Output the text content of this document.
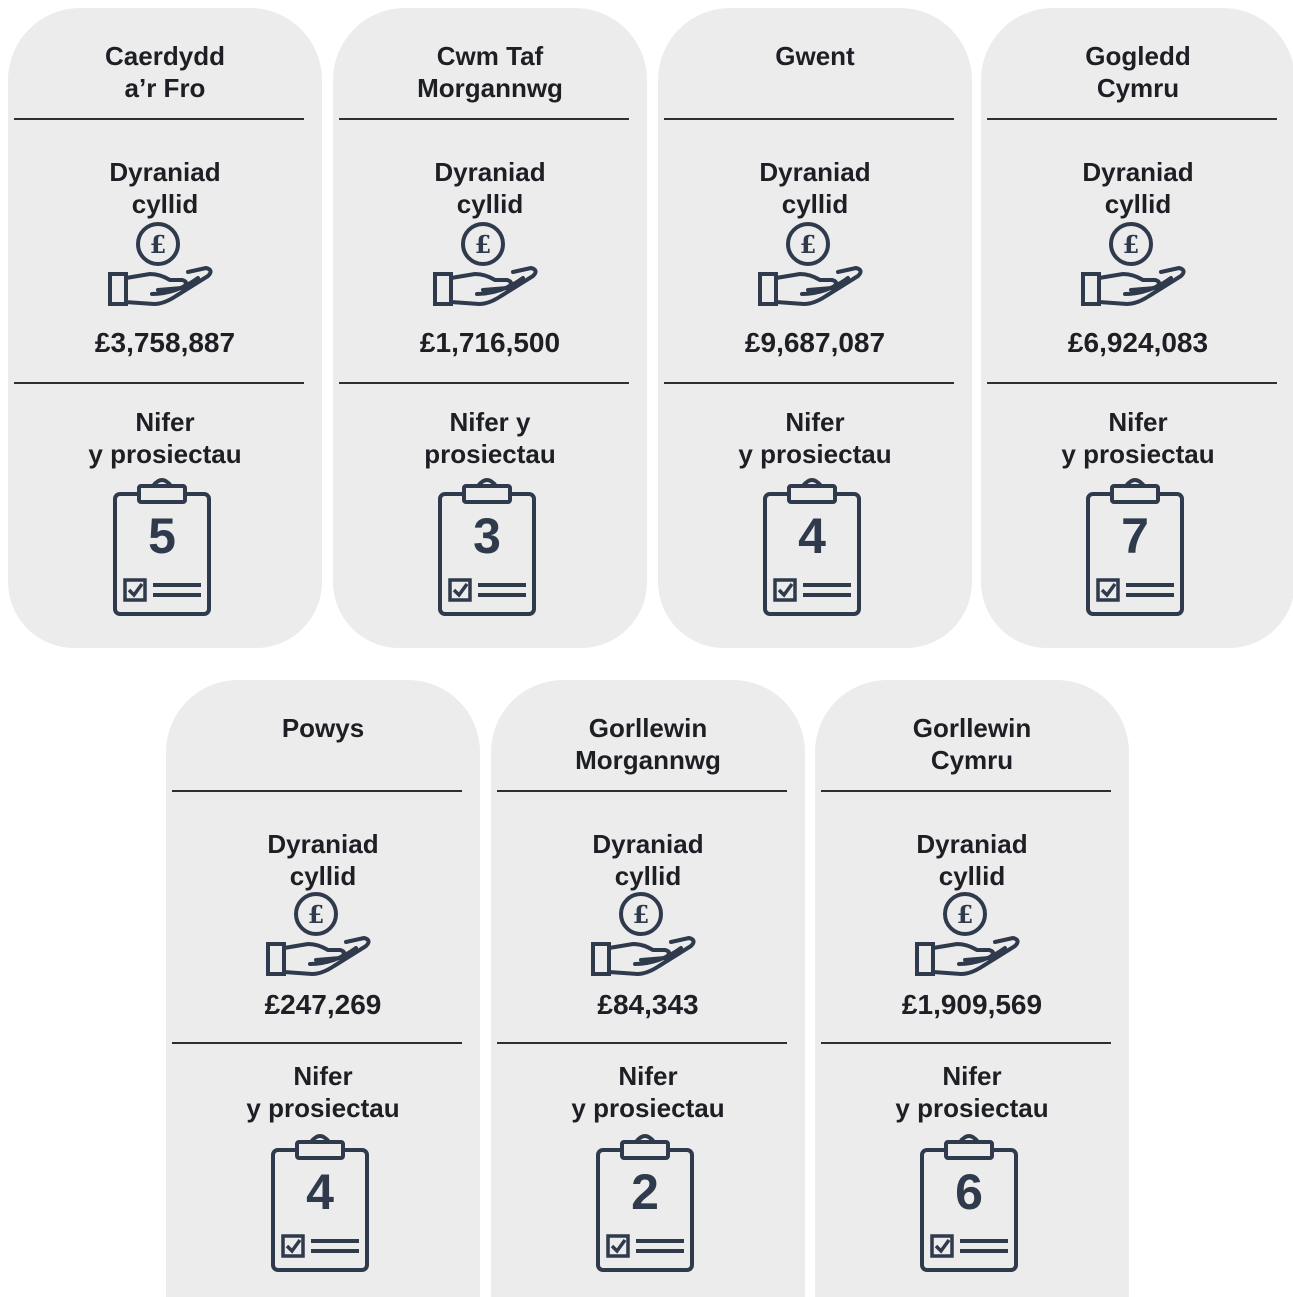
Caerdydd
a’r Fro
Dyraniad
cyllid
£
£3,758,887
Nifer
y prosiectau
5
Cwm Taf
Morgannwg
Dyraniad
cyllid
£
£1,716,500
Nifer y
prosiectau
3
Gwent
Dyraniad
cyllid
£
£9,687,087
Nifer
y prosiectau
4
Gogledd
Cymru
Dyraniad
cyllid
£
£6,924,083
Nifer
y prosiectau
7
Powys
Dyraniad
cyllid
£
£247,269
Nifer
y prosiectau
4
Gorllewin
Morgannwg
Dyraniad
cyllid
£
£84,343
Nifer
y prosiectau
2
Gorllewin
Cymru
Dyraniad
cyllid
£
£1,909,569
Nifer
y prosiectau
6
